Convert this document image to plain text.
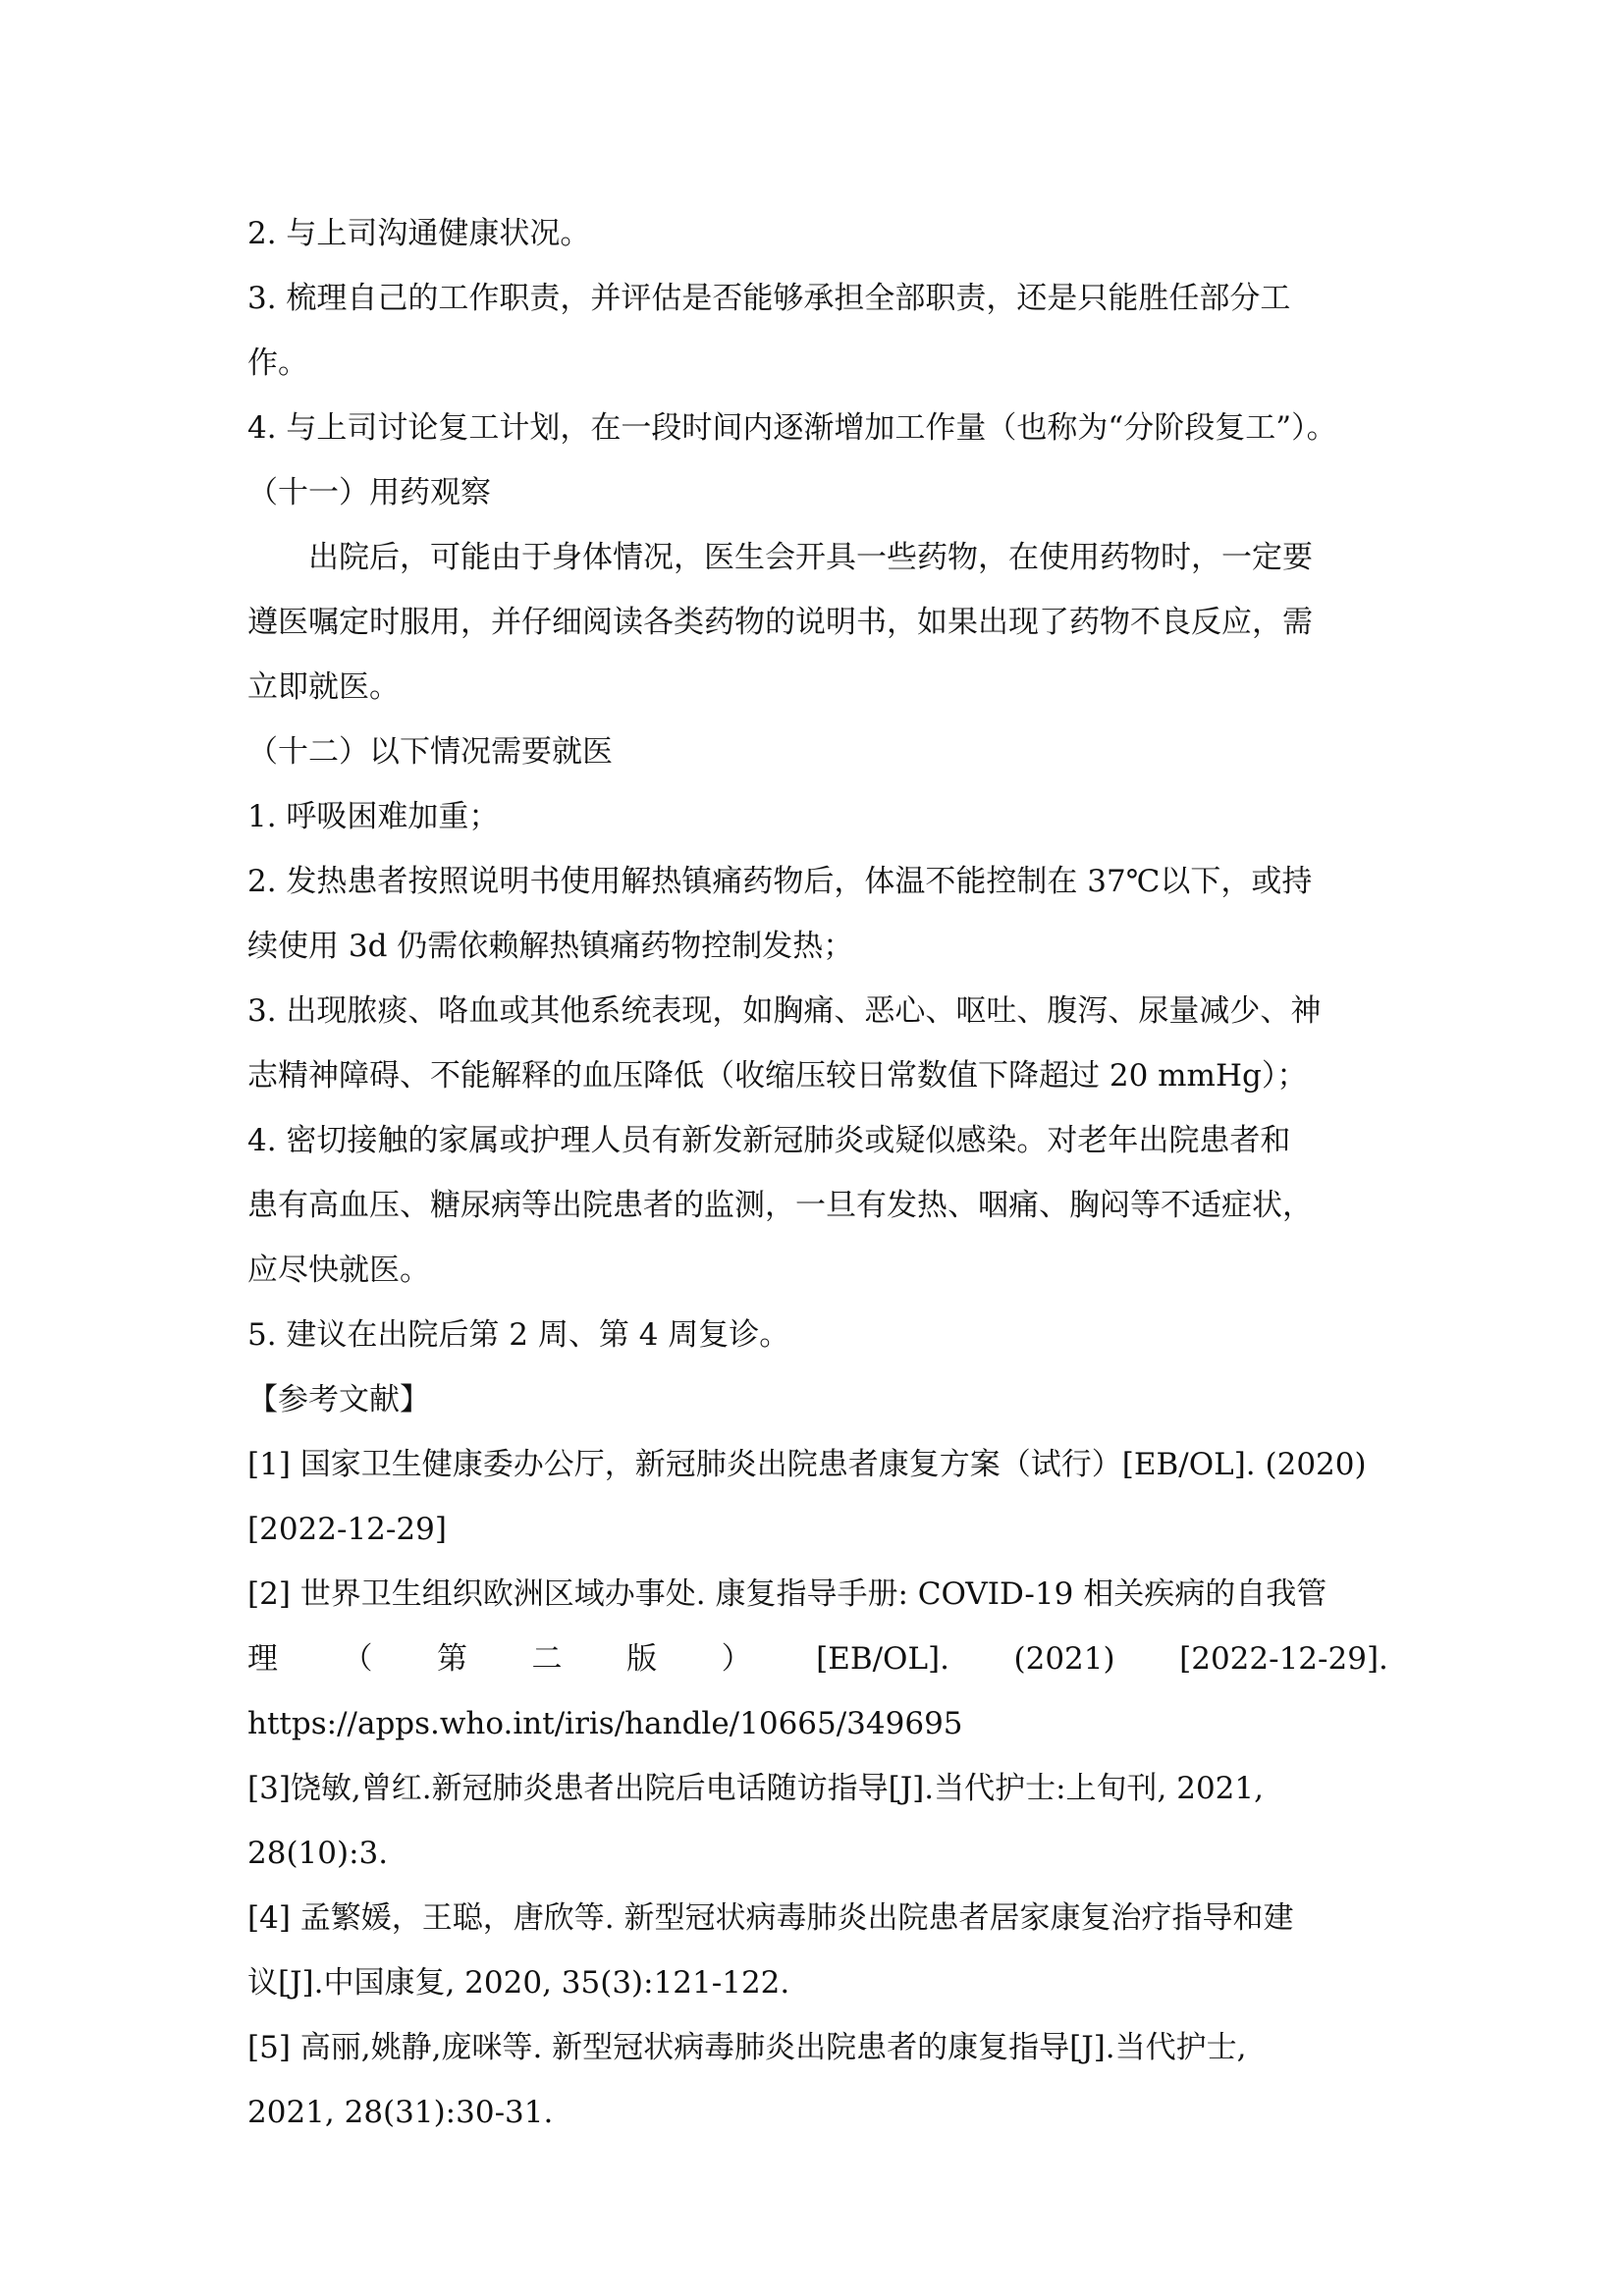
2. 与上司沟通健康状况。
3. 梳理自己的工作职责，并评估是否能够承担全部职责，还是只能胜任部分工
作。
4. 与上司讨论复工计划，在一段时间内逐渐增加工作量（也称为“分阶段复工”）。
（十一）用药观察
出院后，可能由于身体情况，医生会开具一些药物，在使用药物时，一定要
遵医嘱定时服用，并仔细阅读各类药物的说明书，如果出现了药物不良反应，需
立即就医。
（十二）以下情况需要就医
1. 呼吸困难加重；
2. 发热患者按照说明书使用解热镇痛药物后，体温不能控制在 37℃以下，或持
续使用 3d 仍需依赖解热镇痛药物控制发热；
3. 出现脓痰、咯血或其他系统表现，如胸痛、恶心、呕吐、腹泻、尿量减少、神
志精神障碍、不能解释的血压降低（收缩压较日常数值下降超过 20 mmHg）；
4. 密切接触的家属或护理人员有新发新冠肺炎或疑似感染。对老年出院患者和
患有高血压、糖尿病等出院患者的监测，一旦有发热、咽痛、胸闷等不适症状，
应尽快就医。
5. 建议在出院后第 2 周、第 4 周复诊。
【参考文献】
[1] 国家卫生健康委办公厅，新冠肺炎出院患者康复方案（试行）[EB/OL]. (2020)
[2022-12-29]
[2] 世界卫生组织欧洲区域办事处. 康复指导手册: COVID-19 相关疾病的自我管
理 （ 第 二 版 ） [EB/OL]. (2021) [2022-12-29].
https://apps.who.int/iris/handle/10665/349695
[3]饶敏,曾红.新冠肺炎患者出院后电话随访指导[J].当代护士:上旬刊, 2021,
28(10):3.
[4] 孟繁媛，王聪，唐欣等. 新型冠状病毒肺炎出院患者居家康复治疗指导和建
议[J].中国康复, 2020, 35(3):121-122.
[5] 高丽,姚静,庞咪等. 新型冠状病毒肺炎出院患者的康复指导[J].当代护士,
2021, 28(31):30-31.
